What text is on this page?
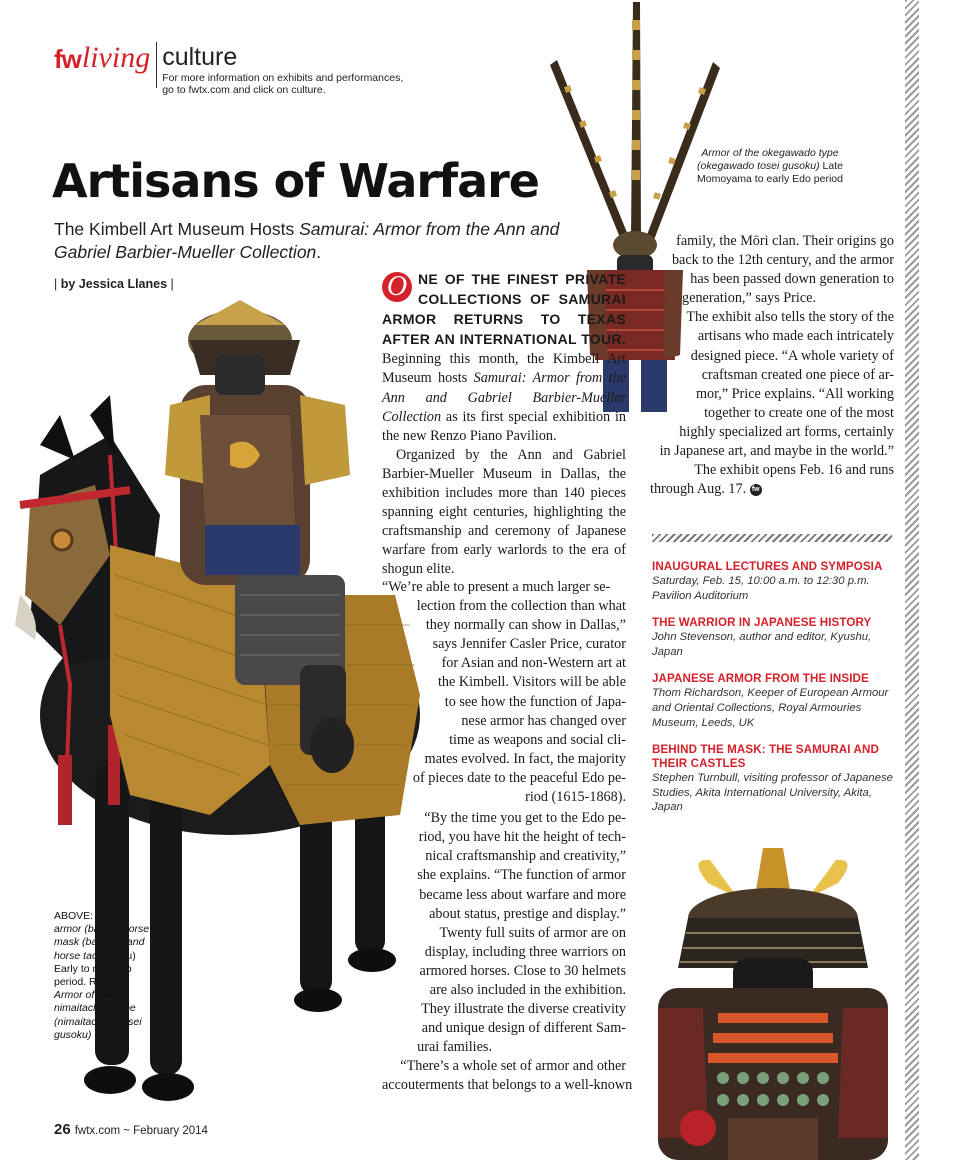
fw living culture
For more information on exhibits and performances,
go to fwtx.com and click on culture.
Artisans of Warfare

The Kimbell Art Museum Hosts Samurai: Armor from the Ann and Gabriel Barbier-Mueller Collection.

| by Jessica Llanes |
Armor of the okegawado type (okegawado tosei gusoku) Late Momoyama to early Edo period
ABOVE: Horse armor (bagai), horse mask (bamen), and horse tack (bagu) Early to mid-Edo period. RIGHT: Armor of the nimaitachido type (nimaitachido tosei gusoku)

O NE OF THE FINEST PRIVATE COLLECTIONS OF SAMURAI ARMOR RETURNS TO TEXAS AFTER AN INTERNATIONAL TOUR. Beginning this month, the Kimbell Art Museum hosts Samurai: Armor from the Ann and Gabriel Barbier-Mueller Collection as its first special exhibition in the new Renzo Piano Pavilion.

Organized by the Ann and Gabriel Barbier-Mueller Museum in Dallas, the exhibition includes more than 140 pieces spanning eight centuries, highlighting the craftsmanship and ceremony of Japanese warfare from early warlords to the era of shogun elite.

“We’re able to present a much larger se-
lection from the collection than what
they normally can show in Dallas,”
says Jennifer Casler Price, curator
for Asian and non-Western art at
the Kimbell. Visitors will be able
to see how the function of Japa-
nese armor has changed over
time as weapons and social cli-
mates evolved. In fact, the majority
of pieces date to the peaceful Edo pe-
riod (1615-1868).
“By the time you get to the Edo pe-
riod, you have hit the height of tech-
nical craftsmanship and creativity,”
she explains. “The function of armor
became less about warfare and more
about status, prestige and display.”
Twenty full suits of armor are on
display, including three warriors on
armored horses. Close to 30 helmets
are also included in the exhibition.
They illustrate the diverse creativity
and unique design of different Sam-
urai families.
“There’s a whole set of armor and other
accouterments that belongs to a well-known
family, the Mōri clan. Their origins go
back to the 12th century, and the armor
has been passed down generation to
generation,” says Price.
The exhibit also tells the story of the
artisans who made each intricately
designed piece. “A whole variety of
craftsman created one piece of ar-
mor,” Price explains. “All working
together to create one of the most
highly specialized art forms, certainly
in Japanese art, and maybe in the world.”
The exhibit opens Feb. 16 and runs
through Aug. 17. fw
INAUGURAL LECTURES AND SYMPOSIA
Saturday, Feb. 15, 10:00 a.m. to 12:30 p.m. Pavilion Auditorium
THE WARRIOR IN JAPANESE HISTORY
John Stevenson, author and editor, Kyushu, Japan
JAPANESE ARMOR FROM THE INSIDE
Thom Richardson, Keeper of European Armour and Oriental Collections, Royal Armouries Museum, Leeds, UK
BEHIND THE MASK: THE SAMURAI AND THEIR CASTLES
Stephen Turnbull, visiting professor of Japanese Studies, Akita International University, Akita, Japan
26 fwtx.com ~ February 2014
